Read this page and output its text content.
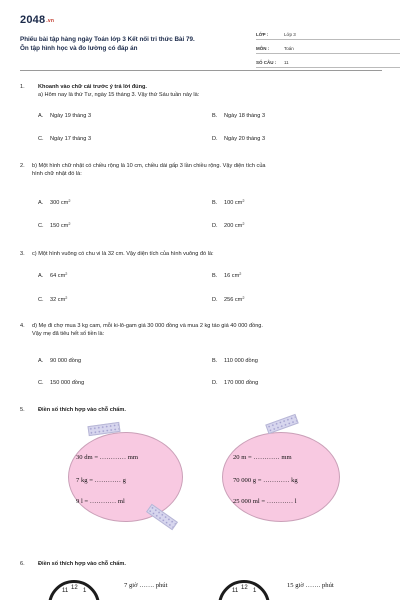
2048.vn
Phiếu bài tập hàng ngày Toán lớp 3 Kết nối tri thức Bài 79.
Ôn tập hình học và đo lường có đáp án
LỚP :	Lớp 3
MÔN :	Toán
SỐ CÂU : 11
1. Khoanh vào chữ cái trước ý trả lời đúng.
a) Hôm nay là thứ Tư, ngày 15 tháng 3. Vậy thứ Sáu tuần này là:
A. Ngày 19 tháng 3	B. Ngày 18 tháng 3
C. Ngày 17 tháng 3	D. Ngày 20 tháng 3
2. b) Một hình chữ nhật có chiều rộng là 10 cm, chiều dài gấp 3 lần chiều rộng. Vậy diện tích của
hình chữ nhật đó là:
A. 300 $cm^2$	B. 100 $cm^2$
C. 150 $cm^2$	D. 200 $cm^2$
3. c) Một hình vuông có chu vi là 32 cm. Vậy diện tích của hình vuông đó là:
A. 64 $cm^2$	B. 16 $cm^2$
C. 32 $cm^2$	D. 256 $cm^2$
4. d) Mẹ đi chợ mua 3 kg cam, mỗi ki-lô-gam giá 30 000 đồng và mua 2 kg táo giá 40 000 đồng.
Vậy mẹ đã tiêu hết số tiền là:
A. 90 000 đồng	B. 110 000 đồng
C. 150 000 đồng	D. 170 000 đồng
5. Điền số thích hợp vào chỗ chấm.
30 dm = ………… mm
7 kg = ………… g
9 l = ………… ml
20 m = ………… mm
70 000 g = ………… kg
25 000 ml = ………… l
6. Điền số thích hợp vào chỗ chấm.
11 12 1
7 giờ ……. phút
11 12 1
15 giờ ……. phút
